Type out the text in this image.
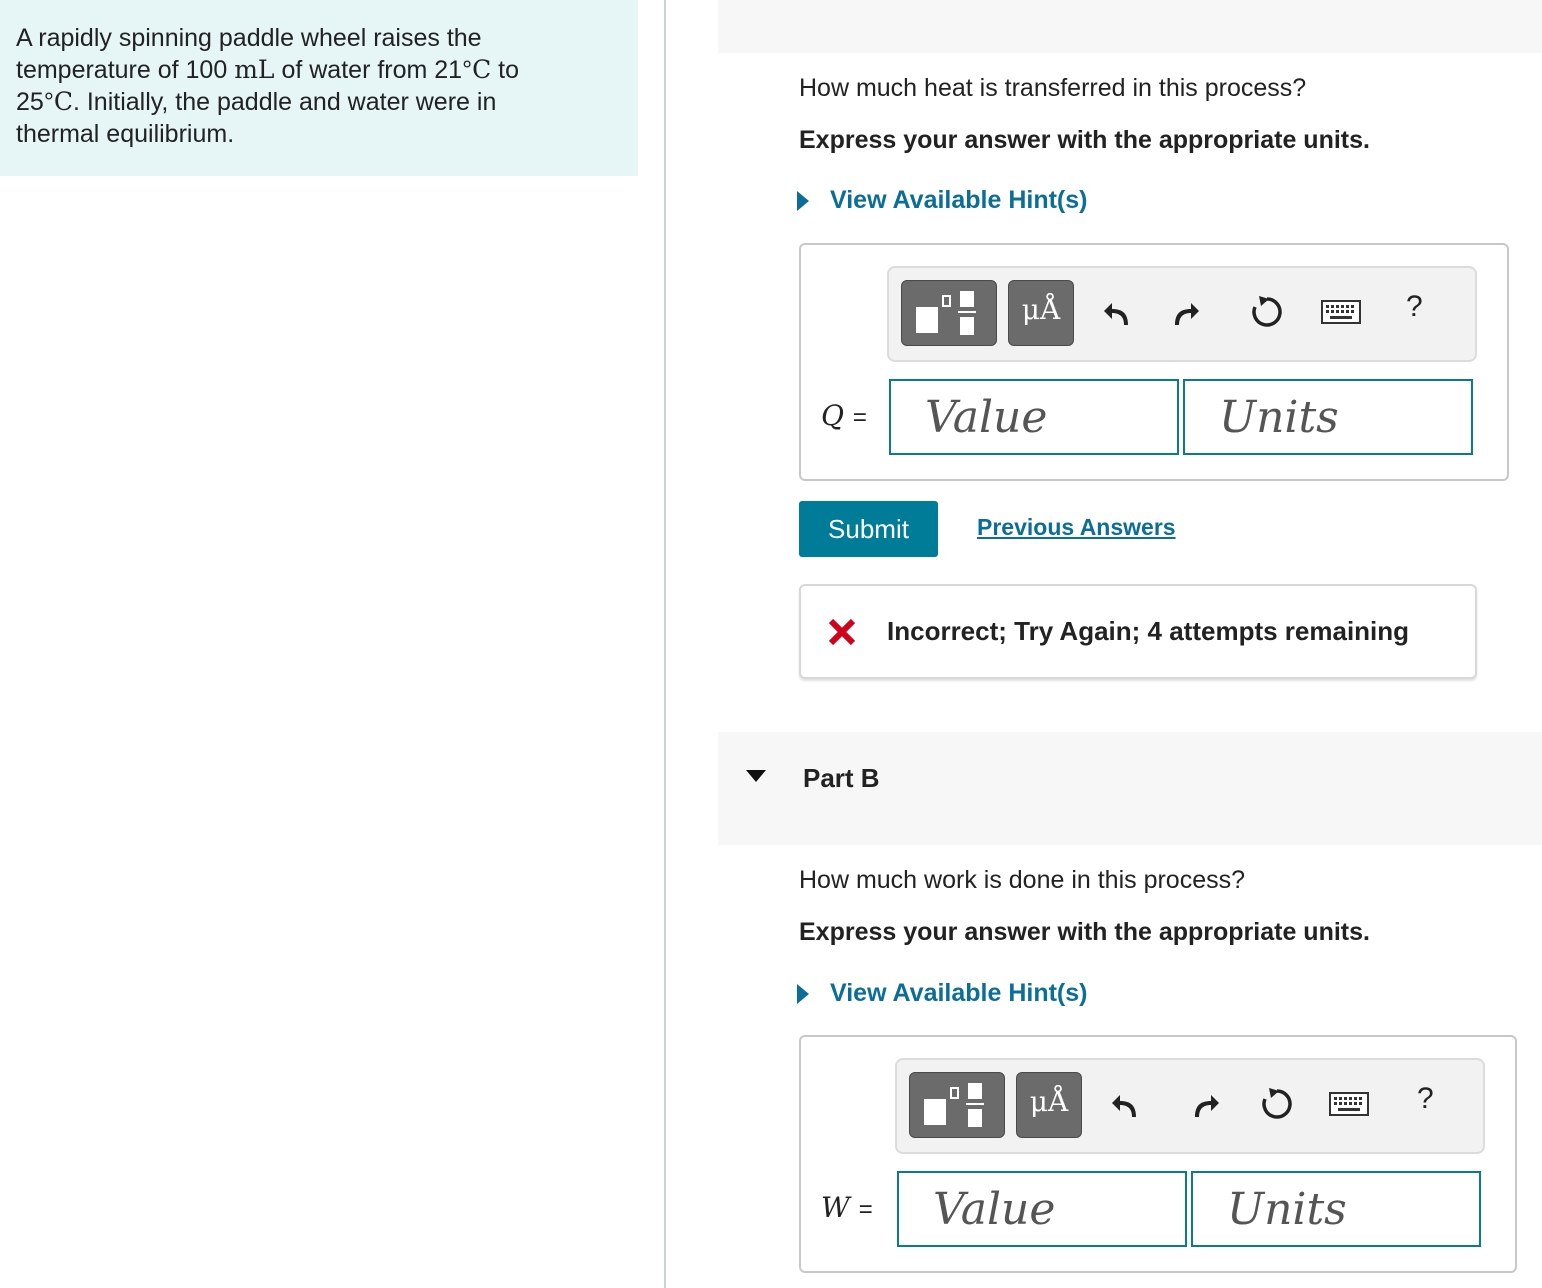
A rapidly spinning paddle wheel raises the
temperature of 100 mL of water from 21°C to
25°C. Initially, the paddle and water were in
thermal equilibrium.

How much heat is transferred in this process?
Express your answer with the appropriate units.
View Available Hint(s)
μÅ	?
Q =
Value
Units
Submit	Previous Answers
Incorrect; Try Again; 4 attempts remaining
Part B
How much work is done in this process?
Express your answer with the appropriate units.
View Available Hint(s)
μÅ	?
W =
Value
Units
